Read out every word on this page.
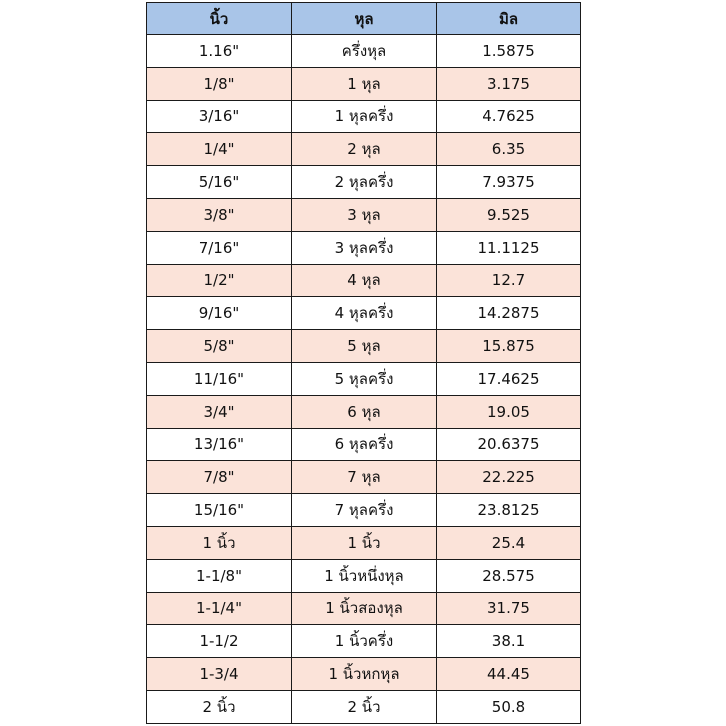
นิ้ว	หุล	มิล
1.16"	ครึ่งหุล	1.5875
1/8"	1 หุล	3.175
3/16"	1 หุลครึ่ง	4.7625
1/4"	2 หุล	6.35
5/16"	2 หุลครึ่ง	7.9375
3/8"	3 หุล	9.525
7/16"	3 หุลครึ่ง	11.1125
1/2"	4 หุล	12.7
9/16"	4 หุลครึ่ง	14.2875
5/8"	5 หุล	15.875
11/16"	5 หุลครึ่ง	17.4625
3/4"	6 หุล	19.05
13/16"	6 หุลครึ่ง	20.6375
7/8"	7 หุล	22.225
15/16"	7 หุลครึ่ง	23.8125
1 นิ้ว	1 นิ้ว	25.4
1-1/8"	1 นิ้วหนึ่งหุล	28.575
1-1/4"	1 นิ้วสองหุล	31.75
1-1/2	1 นิ้วครึ่ง	38.1
1-3/4	1 นิ้วหกหุล	44.45
2 นิ้ว	2 นิ้ว	50.8
